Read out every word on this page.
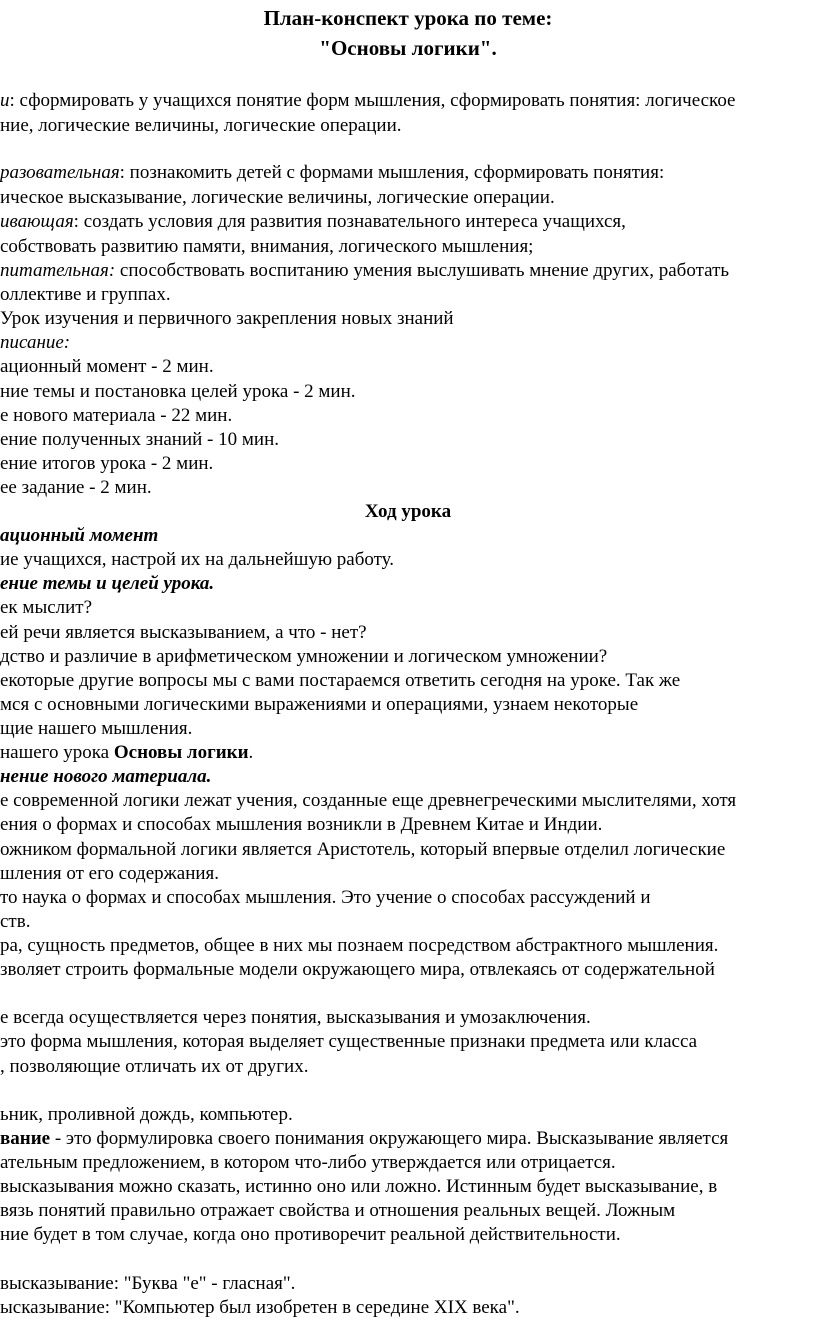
План-конспект урока по теме:
"Основы логики".
и: сформировать у учащихся понятие форм мышления, сформировать понятия: логическое
ние, логические величины, логические операции.
разовательная: познакомить детей с формами мышления, сформировать понятия:
ическое высказывание, логические величины, логические операции.
ивающая: создать условия для развития познавательного интереса учащихся,
собствовать развитию памяти, внимания, логического мышления;
питательная: способствовать воспитанию умения выслушивать мнение других, работать
оллективе и группах.
Урок изучения и первичного закрепления новых знаний
писание:
ационный момент - 2 мин.
ние темы и постановка целей урока - 2 мин.
е нового материала - 22 мин.
ение полученных знаний - 10 мин.
ение итогов урока - 2 мин.
ее задание - 2 мин.
Ход урока
ационный момент
ие учащихся, настрой их на дальнейшую работу.
ение темы и целей урока.
ек мыслит?
ей речи является высказыванием, а что - нет?
дство и различие в арифметическом умножении и логическом умножении?
екоторые другие вопросы мы с вами постараемся ответить сегодня на уроке. Так же
мся с основными логическими выражениями и операциями, узнаем некоторые
щие нашего мышления.
нашего урока Основы логики.
нение нового материала.
е современной логики лежат учения, созданные еще древнегреческими мыслителями, хотя
ения о формах и способах мышления возникли в Древнем Китае и Индии.
ожником формальной логики является Аристотель, который впервые отделил логические
шления от его содержания.
то наука о формах и способах мышления. Это учение о способах рассуждений и
ств.
ра, сущность предметов, общее в них мы познаем посредством абстрактного мышления.
зволяет строить формальные модели окружающего мира, отвлекаясь от содержательной
е всегда осуществляется через понятия, высказывания и умозаключения.
это форма мышления, которая выделяет существенные признаки предмета или класса
, позволяющие отличать их от других.
ьник, проливной дождь, компьютер.
вание - это формулировка своего понимания окружающего мира. Высказывание является
ательным предложением, в котором что-либо утверждается или отрицается.
высказывания можно сказать, истинно оно или ложно. Истинным будет высказывание, в
вязь понятий правильно отражает свойства и отношения реальных вещей. Ложным
ние будет в том случае, когда оно противоречит реальной действительности.
высказывание: "Буква "е" - гласная".
ысказывание: "Компьютер был изобретен в середине XIX века".
